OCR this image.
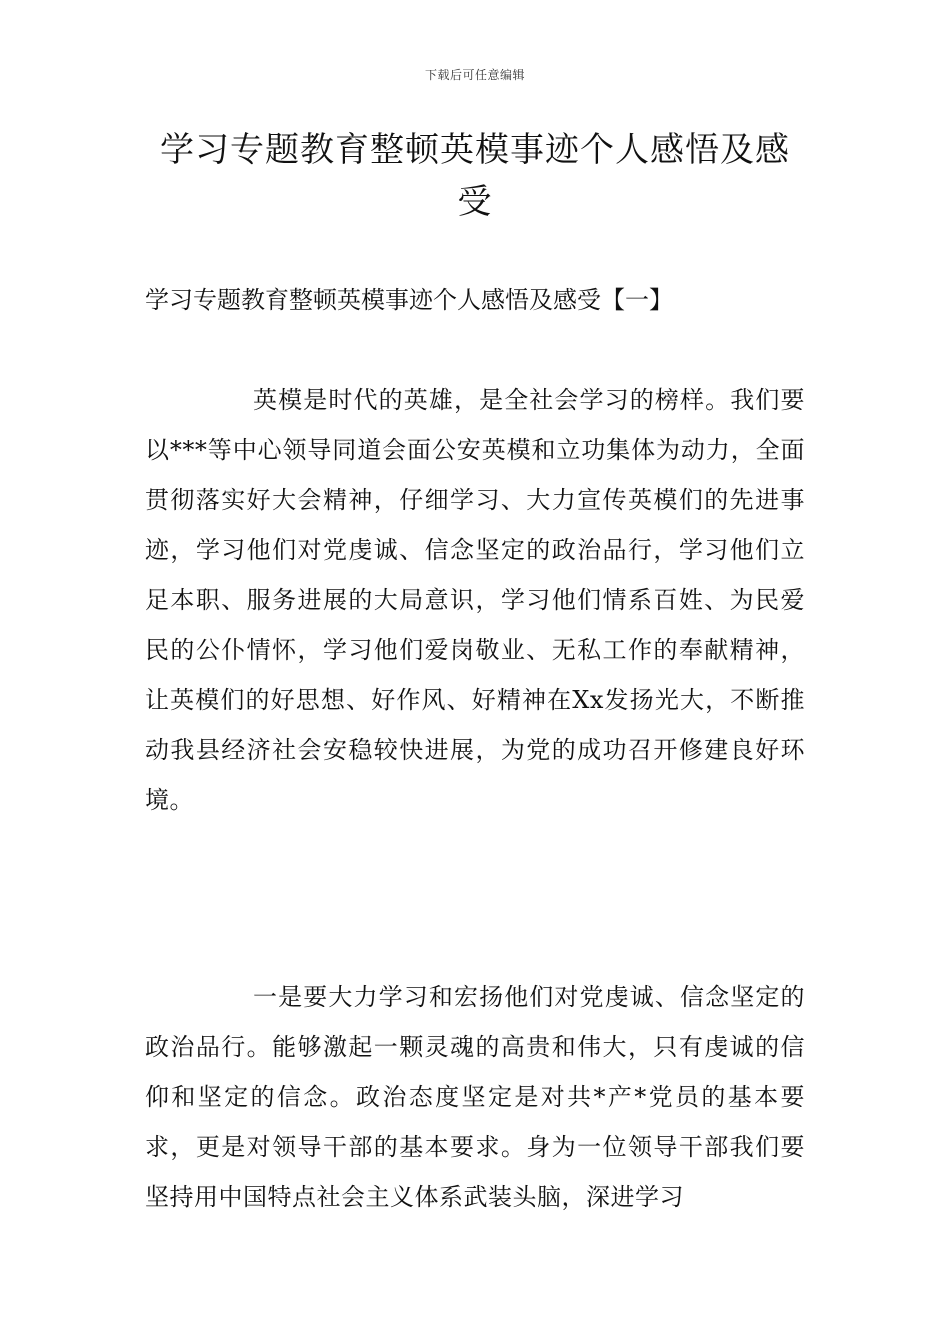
下载后可任意编辑
学习专题教育整顿英模事迹个人感悟及感受

学习专题教育整顿英模事迹个人感悟及感受【一】

英模是时代的英雄，是全社会学习的榜样。我们要以***等中心领导同道会面公安英模和立功集体为动力，全面贯彻落实好大会精神，仔细学习、大力宣传英模们的先进事迹，学习他们对党虔诚、信念坚定的政治品行，学习他们立足本职、服务进展的大局意识，学习他们情系百姓、为民爱民的公仆情怀，学习他们爱岗敬业、无私工作的奉献精神，让英模们的好思想、好作风、好精神在Xx发扬光大，不断推动我县经济社会安稳较快进展，为党的成功召开修建良好环境。

一是要大力学习和宏扬他们对党虔诚、信念坚定的政治品行。能够激起一颗灵魂的高贵和伟大，只有虔诚的信仰和坚定的信念。政治态度坚定是对共*产*党员的基本要求，更是对领导干部的基本要求。身为一位领导干部我们要坚持用中国特点社会主义体系武装头脑，深进学习
